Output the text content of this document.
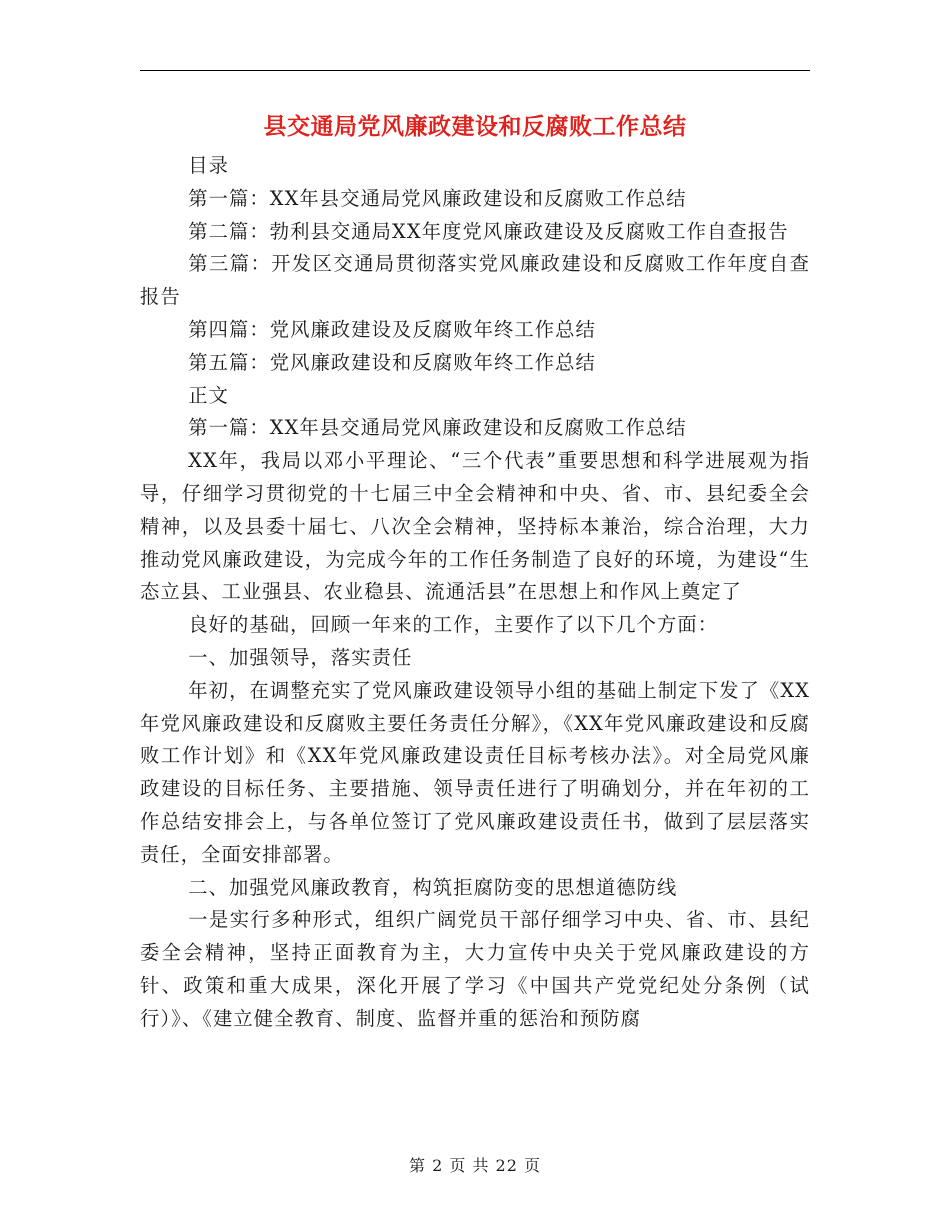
县交通局党风廉政建设和反腐败工作总结

目录

第一篇：XX年县交通局党风廉政建设和反腐败工作总结

第二篇：勃利县交通局XX年度党风廉政建设及反腐败工作自查报告

第三篇：开发区交通局贯彻落实党风廉政建设和反腐败工作年度自查报告

第四篇：党风廉政建设及反腐败年终工作总结

第五篇：党风廉政建设和反腐败年终工作总结

正文

第一篇：XX年县交通局党风廉政建设和反腐败工作总结

XX年，我局以邓小平理论、“三个代表”重要思想和科学进展观为指导，仔细学习贯彻党的十七届三中全会精神和中央、省、市、县纪委全会精神，以及县委十届七、八次全会精神，坚持标本兼治，综合治理，大力推动党风廉政建设，为完成今年的工作任务制造了良好的环境，为建设“生态立县、工业强县、农业稳县、流通活县”在思想上和作风上奠定了

良好的基础，回顾一年来的工作，主要作了以下几个方面：

一、加强领导，落实责任

年初，在调整充实了党风廉政建设领导小组的基础上制定下发了《XX年党风廉政建设和反腐败主要任务责任分解》，《XX年党风廉政建设和反腐败工作计划》和《XX年党风廉政建设责任目标考核办法》。对全局党风廉政建设的目标任务、主要措施、领导责任进行了明确划分，并在年初的工作总结安排会上，与各单位签订了党风廉政建设责任书，做到了层层落实责任，全面安排部署。

二、加强党风廉政教育，构筑拒腐防变的思想道德防线

一是实行多种形式，组织广阔党员干部仔细学习中央、省、市、县纪委全会精神，坚持正面教育为主，大力宣传中央关于党风廉政建设的方针、政策和重大成果，深化开展了学习《中国共产党党纪处分条例（试行）》、《建立健全教育、制度、监督并重的惩治和预防腐

第 2 页 共 22 页
